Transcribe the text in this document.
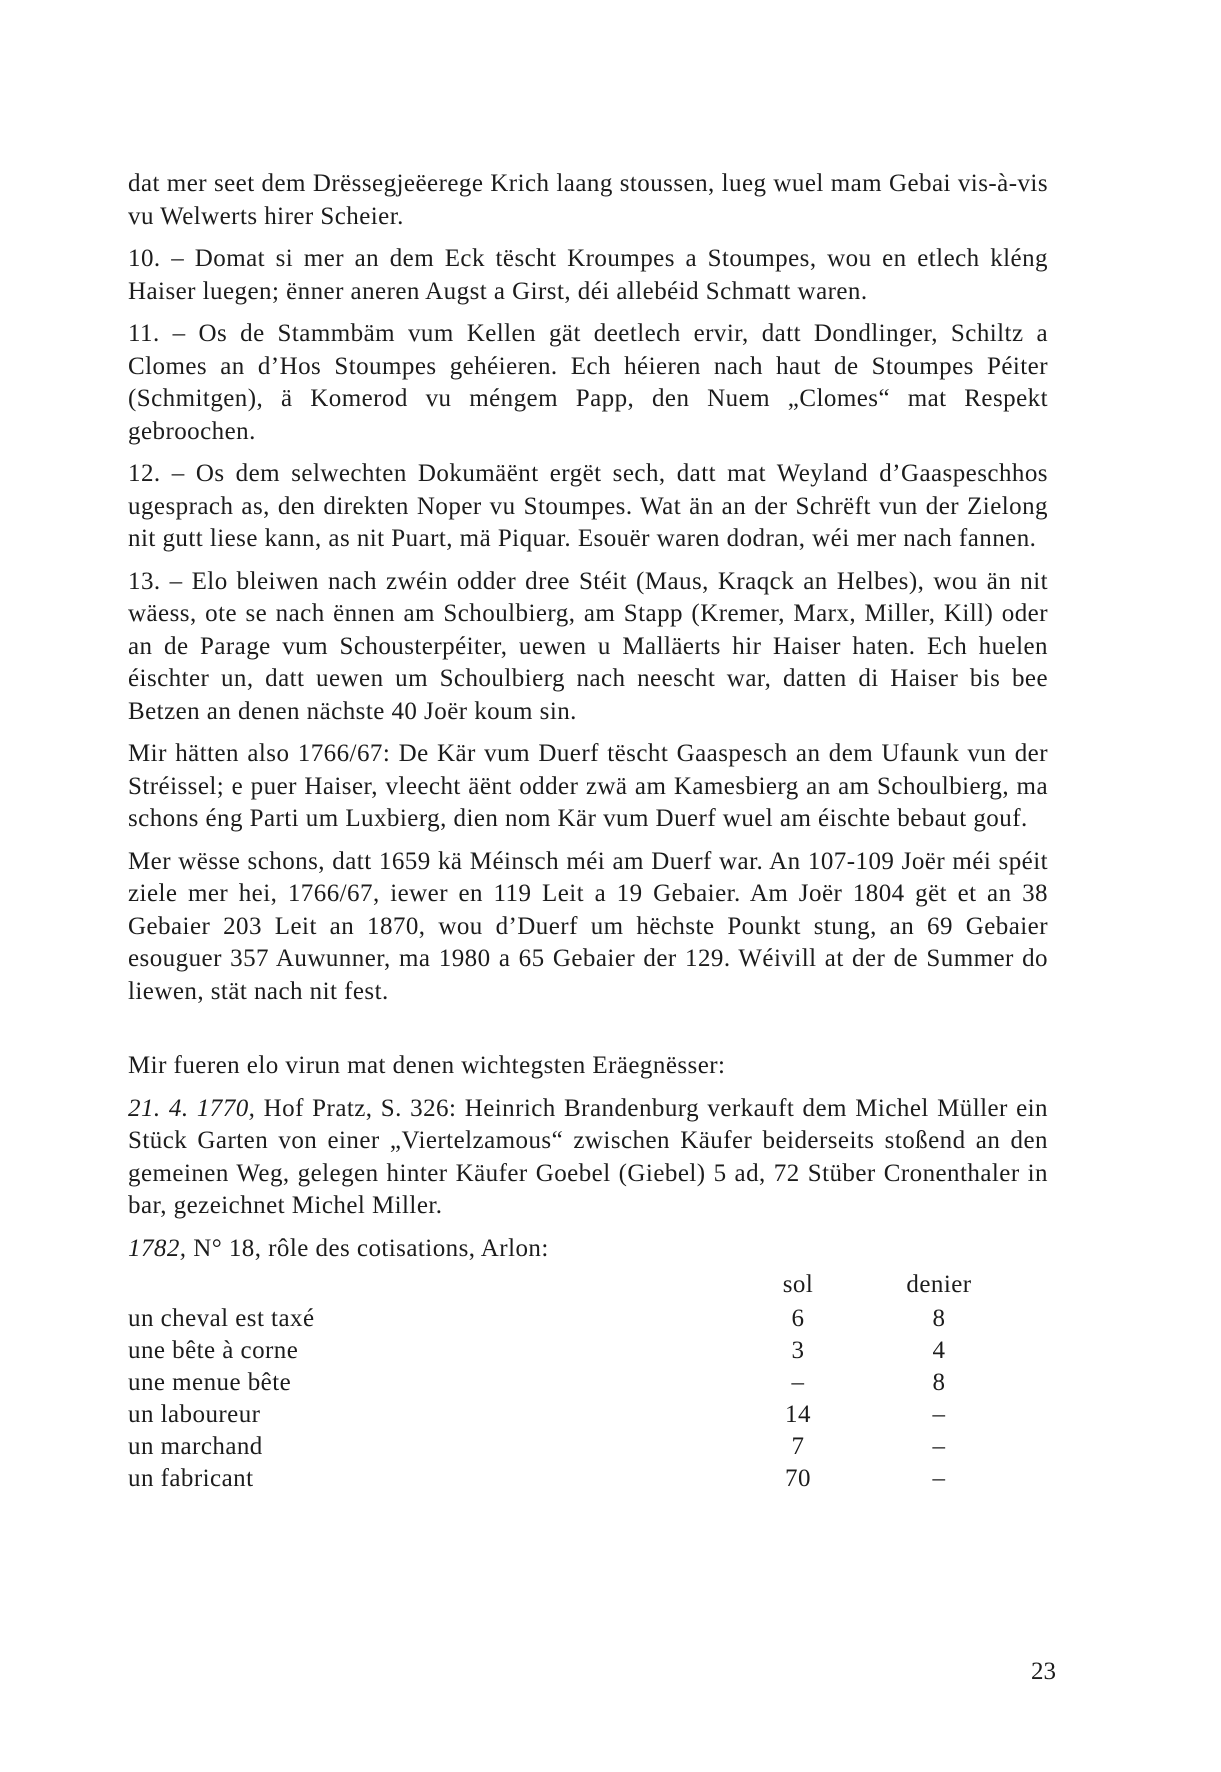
dat mer seet dem Drëssegjeëerege Krich laang stoussen, lueg wuel mam Gebai vis-à-vis vu Welwerts hirer Scheier.

10. – Domat si mer an dem Eck tëscht Kroumpes a Stoumpes, wou en etlech kléng Haiser luegen; ënner aneren Augst a Girst, déi allebéid Schmatt waren.

11. – Os de Stammbäm vum Kellen gät deetlech ervir, datt Dondlinger, Schiltz a Clomes an d’Hos Stoumpes gehéieren. Ech héieren nach haut de Stoumpes Péiter (Schmitgen), ä Komerod vu méngem Papp, den Nuem „Clomes“ mat Respekt gebroochen.

12. – Os dem selwechten Dokumäënt ergët sech, datt mat Weyland d’Gaaspeschhos ugesprach as, den direkten Noper vu Stoumpes. Wat än an der Schrëft vun der Zielong nit gutt liese kann, as nit Puart, mä Piquar. Esouër waren dodran, wéi mer nach fannen.

13. – Elo bleiwen nach zwéin odder dree Stéit (Maus, Kraqck an Helbes), wou än nit wäess, ote se nach ënnen am Schoulbierg, am Stapp (Kremer, Marx, Miller, Kill) oder an de Parage vum Schousterpéiter, uewen u Malläerts hir Haiser haten. Ech huelen éischter un, datt uewen um Schoulbierg nach neescht war, datten di Haiser bis bee Betzen an denen nächste 40 Joër koum sin.

Mir hätten also 1766/67: De Kär vum Duerf tëscht Gaaspesch an dem Ufaunk vun der Stréissel; e puer Haiser, vleecht äënt odder zwä am Kamesbierg an am Schoulbierg, ma schons éng Parti um Luxbierg, dien nom Kär vum Duerf wuel am éischte bebaut gouf.

Mer wësse schons, datt 1659 kä Méinsch méi am Duerf war. An 107-109 Joër méi spéit ziele mer hei, 1766/67, iewer en 119 Leit a 19 Gebaier. Am Joër 1804 gët et an 38 Gebaier 203 Leit an 1870, wou d’Duerf um hëchste Pounkt stung, an 69 Gebaier esouguer 357 Auwunner, ma 1980 a 65 Gebaier der 129. Wéivill at der de Summer do liewen, stät nach nit fest.

Mir fueren elo virun mat denen wichtegsten Eräegnësser:

21. 4. 1770, Hof Pratz, S. 326: Heinrich Brandenburg verkauft dem Michel Müller ein Stück Garten von einer „Viertelzamous“ zwischen Käufer beiderseits stoßend an den gemeinen Weg, gelegen hinter Käufer Goebel (Giebel) 5 ad, 72 Stüber Cronenthaler in bar, gezeichnet Michel Miller.

1782, N° 18, rôle des cotisations, Arlon:

	sol	denier
un cheval est taxé	6	8
une bête à corne	3	4
une menue bête	–	8
un laboureur	14	–
un marchand	7	–
un fabricant	70	–
23
